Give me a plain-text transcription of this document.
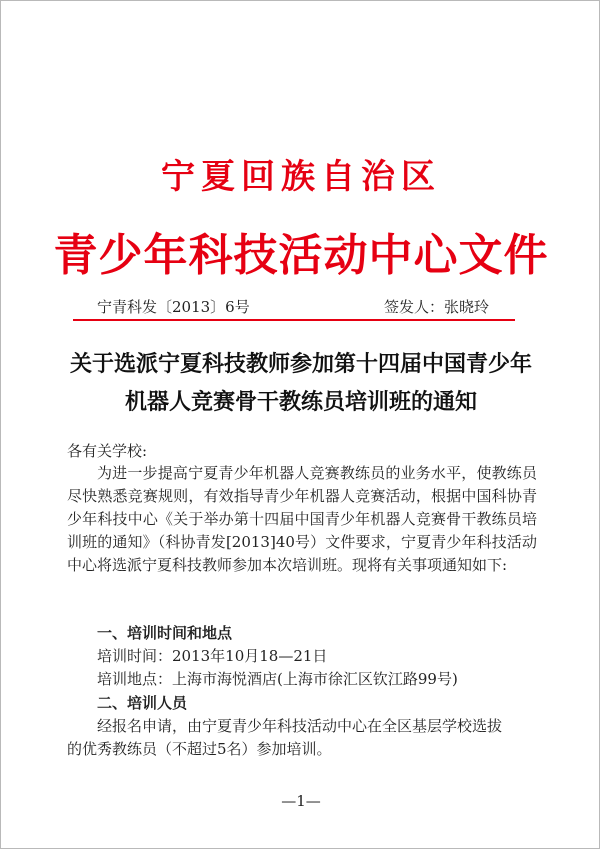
宁夏回族自治区
青少年科技活动中心文件
宁青科发〔2013〕6号	签发人：张晓玲
关于选派宁夏科技教师参加第十四届中国青少年
机器人竞赛骨干教练员培训班的通知
各有关学校:
为进一步提高宁夏青少年机器人竞赛教练员的业务水平，使教练员尽快熟悉竞赛规则，有效指导青少年机器人竞赛活动，根据中国科协青少年科技中心《关于举办第十四届中国青少年机器人竞赛骨干教练员培训班的通知》（科协青发[2013]40号）文件要求，宁夏青少年科技活动中心将选派宁夏科技教师参加本次培训班。现将有关事项通知如下:
一、培训时间和地点
培训时间：2013年10月18—21日
培训地点：上海市海悦酒店(上海市徐汇区钦江路99号)
二、培训人员
经报名申请，由宁夏青少年科技活动中心在全区基层学校选拔
的优秀教练员（不超过5名）参加培训。
—1—
